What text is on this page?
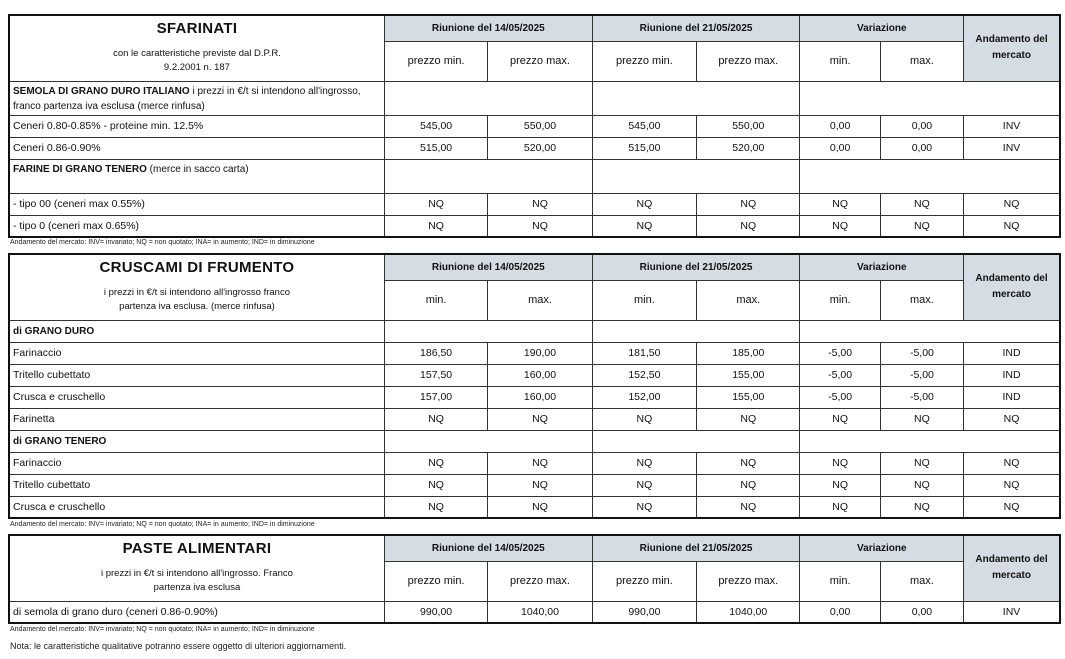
SFARINATI	Riunione del 14/05/2025		Riunione del 21/05/2025		Variazione		Andamento del mercato

con le caratteristiche previste dal D.P.R.
9.2.2001 n. 187	prezzo min.	prezzo max.	prezzo min.	prezzo max.	min.	max.	
SEMOLA DI GRANO DURO ITALIANO i prezzi in €/t si intendono all'ingrosso, franco partenza iva esclusa (merce rinfusa)							
Ceneri 0.80-0.85% - proteine min. 12.5%	545,00	550,00	545,00	550,00	0,00	0,00	INV
Ceneri 0.86-0.90%	515,00	520,00	515,00	520,00	0,00	0,00	INV
FARINE DI GRANO TENERO (merce in sacco carta)							
- tipo 00 (ceneri max 0.55%)	NQ	NQ	NQ	NQ	NQ	NQ	NQ
- tipo 0 (ceneri max 0.65%)	NQ	NQ	NQ	NQ	NQ	NQ	NQ
Andamento del mercato: INV= invariato; NQ = non quotato; INA= in aumento; IND= in diminuzione
CRUSCAMI DI FRUMENTO	Riunione del 14/05/2025		Riunione del 21/05/2025		Variazione		Andamento del mercato

i prezzi in €/t si intendono all'ingrosso franco
partenza iva esclusa. (merce rinfusa)	min.	max.	min.	max.	min.	max.	
di GRANO DURO							
Farinaccio	186,50	190,00	181,50	185,00	-5,00	-5,00	IND
Tritello cubettato	157,50	160,00	152,50	155,00	-5,00	-5,00	IND
Crusca e cruschello	157,00	160,00	152,00	155,00	-5,00	-5,00	IND
Farinetta	NQ	NQ	NQ	NQ	NQ	NQ	NQ
di GRANO TENERO							
Farinaccio	NQ	NQ	NQ	NQ	NQ	NQ	NQ
Tritello cubettato	NQ	NQ	NQ	NQ	NQ	NQ	NQ
Crusca e cruschello	NQ	NQ	NQ	NQ	NQ	NQ	NQ
Andamento del mercato: INV= invariato; NQ = non quotato; INA= in aumento; IND= in diminuzione
PASTE ALIMENTARI	Riunione del 14/05/2025		Riunione del 21/05/2025		Variazione		Andamento del mercato

i prezzi in €/t si intendono all'ingrosso. Franco
partenza iva esclusa	prezzo min.	prezzo max.	prezzo min.	prezzo max.	min.	max.	
di semola di grano duro (ceneri 0.86-0.90%)	990,00	1040,00	990,00	1040,00	0,00	0,00	INV
Andamento del mercato: INV= invariato; NQ = non quotato; INA= in aumento; IND= in diminuzione
Nota: le caratteristiche qualitative potranno essere oggetto di ulteriori aggiornamenti.
